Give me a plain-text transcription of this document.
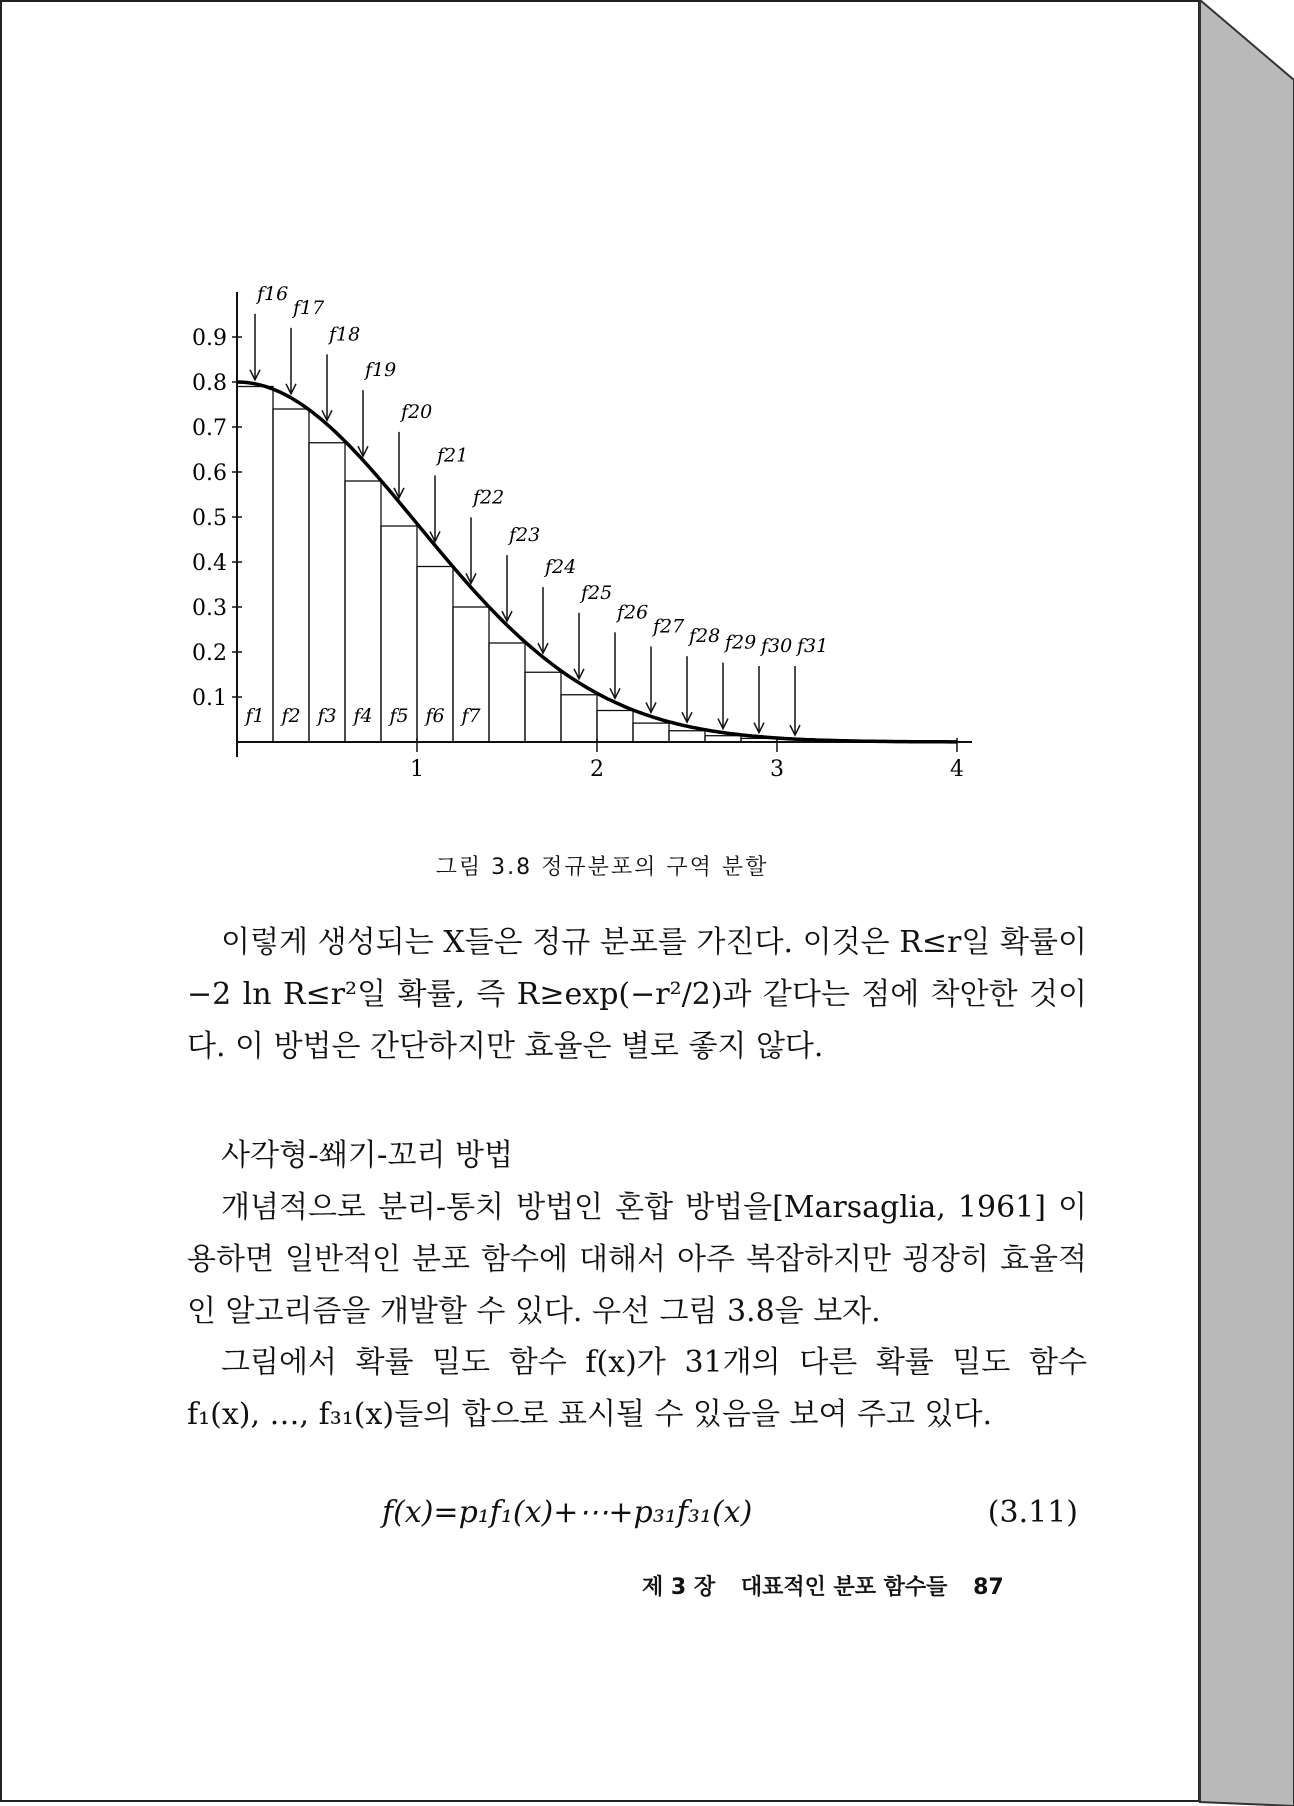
0.1
0.2
0.3
0.4
0.5
0.6
0.7
0.8
0.9
1	2	3	4
f1 f2 f3 f4 f5 f6 f7
f16
f17
f18
f19
f20
f21
f22
f23
f24
f25
f26
f27 f28 f29 f30 f31
그림 3.8 정규분포의 구역 분할

이렇게 생성되는 X들은 정규 분포를 가진다. 이것은 R≤r일 확률이 −2 ln R≤r²일 확률, 즉 R≥exp(−r²/2)과 같다는 점에 착안한 것이다. 이 방법은 간단하지만 효율은 별로 좋지 않다.

사각형-쐐기-꼬리 방법

개념적으로 분리-통치 방법인 혼합 방법을[Marsaglia, 1961] 이용하면 일반적인 분포 함수에 대해서 아주 복잡하지만 굉장히 효율적인 알고리즘을 개발할 수 있다. 우선 그림 3.8을 보자.

그림에서 확률 밀도 함수 f(x)가 31개의 다른 확률 밀도 함수 f₁(x), …, f₃₁(x)들의 합으로 표시될 수 있음을 보여 주고 있다.

f(x)=p₁f₁(x)+⋯+p₃₁f₃₁(x)	(3.11)
제 3 장 대표적인 분포 함수들 87
